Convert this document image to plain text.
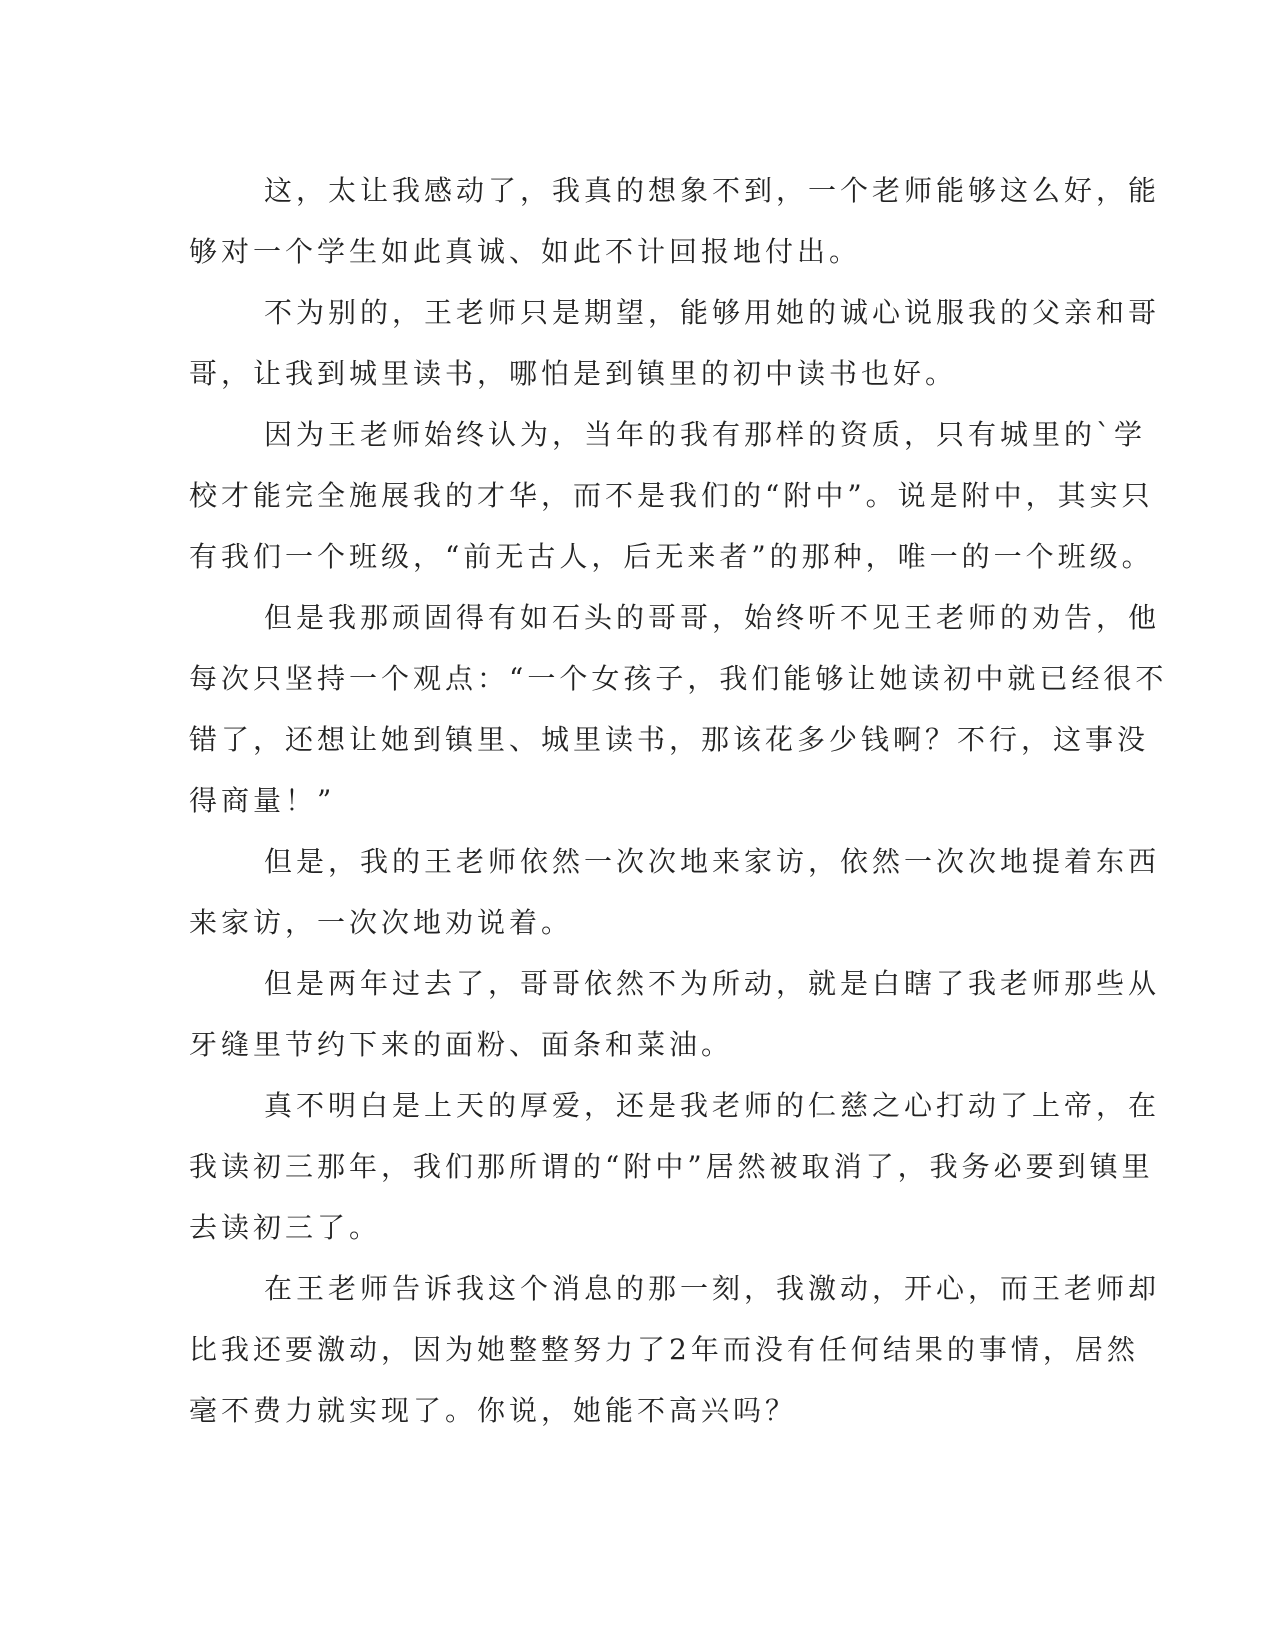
这，太让我感动了，我真的想象不到，一个老师能够这么好，能
够对一个学生如此真诚、如此不计回报地付出。
不为别的，王老师只是期望，能够用她的诚心说服我的父亲和哥
哥，让我到城里读书，哪怕是到镇里的初中读书也好。
因为王老师始终认为，当年的我有那样的资质，只有城里的`学
校才能完全施展我的才华，而不是我们的“附中”。说是附中，其实只
有我们一个班级，“前无古人，后无来者”的那种，唯一的一个班级。
但是我那顽固得有如石头的哥哥，始终听不见王老师的劝告，他
每次只坚持一个观点：“一个女孩子，我们能够让她读初中就已经很不
错了，还想让她到镇里、城里读书，那该花多少钱啊？不行，这事没
得商量！”
但是，我的王老师依然一次次地来家访，依然一次次地提着东西
来家访，一次次地劝说着。
但是两年过去了，哥哥依然不为所动，就是白瞎了我老师那些从
牙缝里节约下来的面粉、面条和菜油。
真不明白是上天的厚爱，还是我老师的仁慈之心打动了上帝，在
我读初三那年，我们那所谓的“附中”居然被取消了，我务必要到镇里
去读初三了。
在王老师告诉我这个消息的那一刻，我激动，开心，而王老师却
比我还要激动，因为她整整努力了2年而没有任何结果的事情，居然
毫不费力就实现了。你说，她能不高兴吗？
